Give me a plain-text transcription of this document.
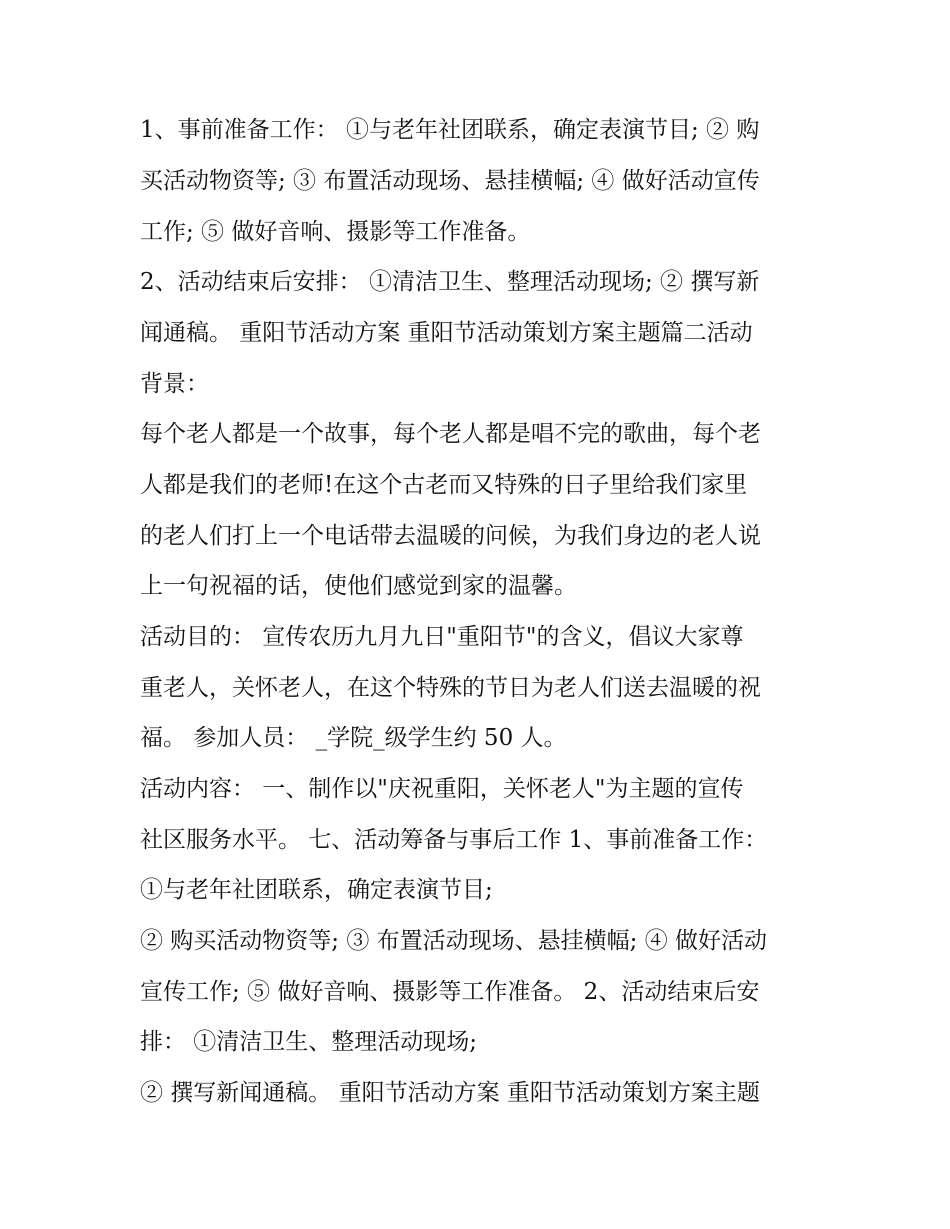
1、事前准备工作： ①与老年社团联系，确定表演节目; ② 购
买活动物资等; ③ 布置活动现场、悬挂横幅; ④ 做好活动宣传
工作; ⑤ 做好音响、摄影等工作准备。
2、活动结束后安排： ①清洁卫生、整理活动现场; ② 撰写新
闻通稿。 重阳节活动方案 重阳节活动策划方案主题篇二活动
背景：
每个老人都是一个故事，每个老人都是唱不完的歌曲，每个老
人都是我们的老师!在这个古老而又特殊的日子里给我们家里
的老人们打上一个电话带去温暖的问候，为我们身边的老人说
上一句祝福的话，使他们感觉到家的温馨。
活动目的： 宣传农历九月九日"重阳节"的含义，倡议大家尊
重老人，关怀老人，在这个特殊的节日为老人们送去温暖的祝
福。 参加人员： _学院_级学生约 50 人。
活动内容： 一、制作以"庆祝重阳，关怀老人"为主题的宣传
社区服务水平。 七、活动筹备与事后工作 1、事前准备工作：
①与老年社团联系，确定表演节目;
② 购买活动物资等; ③ 布置活动现场、悬挂横幅; ④ 做好活动
宣传工作; ⑤ 做好音响、摄影等工作准备。 2、活动结束后安
排： ①清洁卫生、整理活动现场;
② 撰写新闻通稿。 重阳节活动方案 重阳节活动策划方案主题
